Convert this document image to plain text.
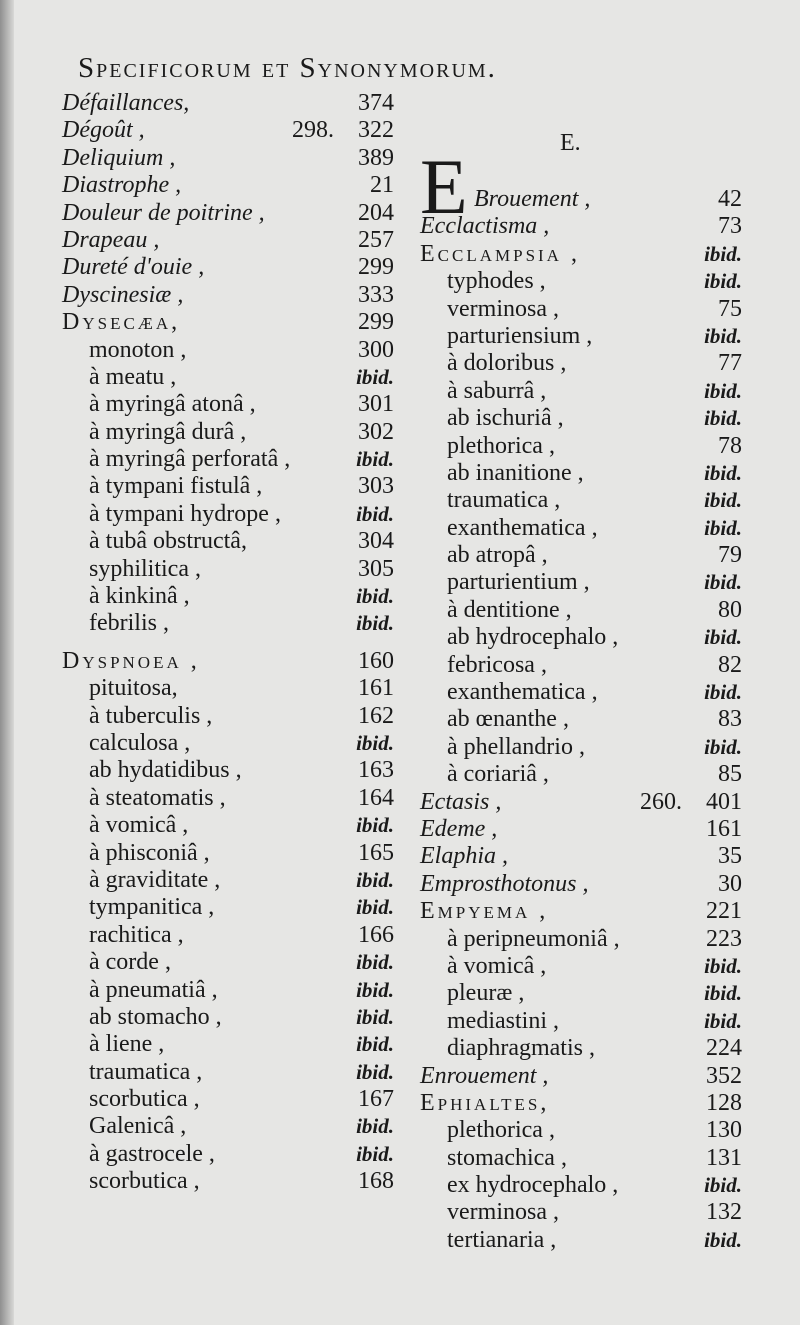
Specificorum et Synonymorum.
E.
E
Défaillances,	374
Dégoût ,	298. 322
Deliquium ,	389
Diastrophe ,	21
Douleur de poitrine ,	204
Drapeau ,	257
Dureté d'ouie ,	299
Dyscinesiæ ,	333
Dysecæa,	299
monoton ,	300
à meatu ,	ibid.
à myringâ atonâ ,	301
à myringâ durâ ,	302
à myringâ perforatâ ,	ibid.
à tympani fistulâ ,	303
à tympani hydrope ,	ibid.
à tubâ obstructâ,	304
syphilitica ,	305
à kinkinâ ,	ibid.
febrilis ,	ibid.
Dyspnoea ,	160
pituitosa,	161
à tuberculis ,	162
calculosa ,	ibid.
ab hydatidibus ,	163
à steatomatis ,	164
à vomicâ ,	ibid.
à phisconiâ ,	165
à graviditate ,	ibid.
tympanitica ,	ibid.
rachitica ,	166
à corde ,	ibid.
à pneumatiâ ,	ibid.
ab stomacho ,	ibid.
à liene ,	ibid.
traumatica ,	ibid.
scorbutica ,	167
Galenicâ ,	ibid.
à gastrocele ,	ibid.
scorbutica ,	168
Brouement ,	42
Ecclactisma ,	73
Ecclampsia ,	ibid.
typhodes ,	ibid.
verminosa ,	75
parturiensium ,	ibid.
à doloribus ,	77
à saburrâ ,	ibid.
ab ischuriâ ,	ibid.
plethorica ,	78
ab inanitione ,	ibid.
traumatica ,	ibid.
exanthematica ,	ibid.
ab atropâ ,	79
parturientium ,	ibid.
à dentitione ,	80
ab hydrocephalo ,	ibid.
febricosa ,	82
exanthematica ,	ibid.
ab œnanthe ,	83
à phellandrio ,	ibid.
à coriariâ ,	85
Ectasis ,	260. 401
Edeme ,	161
Elaphia ,	35
Emprosthotonus ,	30
Empyema ,	221
à peripneumoniâ ,	223
à vomicâ ,	ibid.
pleuræ ,	ibid.
mediastini ,	ibid.
diaphragmatis ,	224
Enrouement ,	352
Ephialtes,	128
plethorica ,	130
stomachica ,	131
ex hydrocephalo ,	ibid.
verminosa ,	132
tertianaria ,	ibid.
